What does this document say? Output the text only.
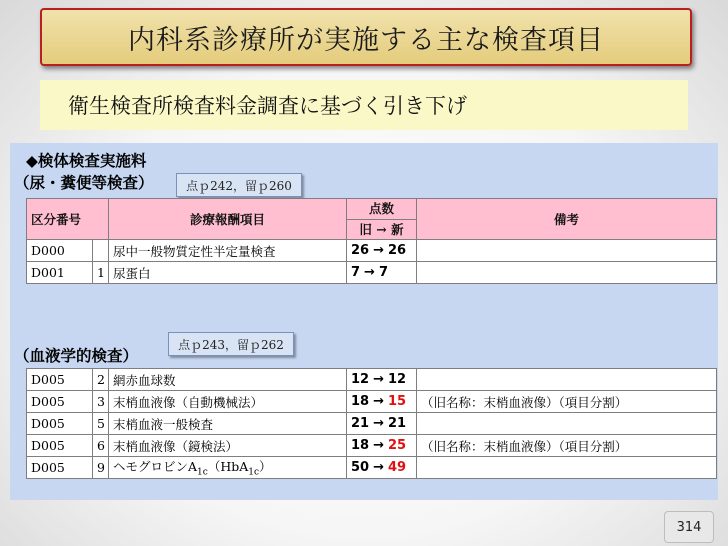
内科系診療所が実施する主な検査項目
衛生検査所検査料金調査に基づく引き下げ
◆検体検査実施料
（尿・糞便等検査）	点ｐ242，留ｐ260
区分番号		診療報酬項目	点数
旧 → 新	備考
D000		尿中一般物質定性半定量検査	26 → 26	
D001	1	尿蛋白	7 → 7	
（血液学的検査）
点ｐ243，留ｐ262
D005	2	網赤血球数	12 → 12	
D005	3	末梢血液像（自動機械法）	18 → 15	（旧名称：末梢血液像）（項目分割）
D005	5	末梢血液一般検査	21 → 21	
D005	6	末梢血液像（鏡検法）	18 → 25	（旧名称：末梢血液像）（項目分割）
D005	9	ヘモグロビン$A_{1c}(HbA_{1c})$	50 → 49	
314
